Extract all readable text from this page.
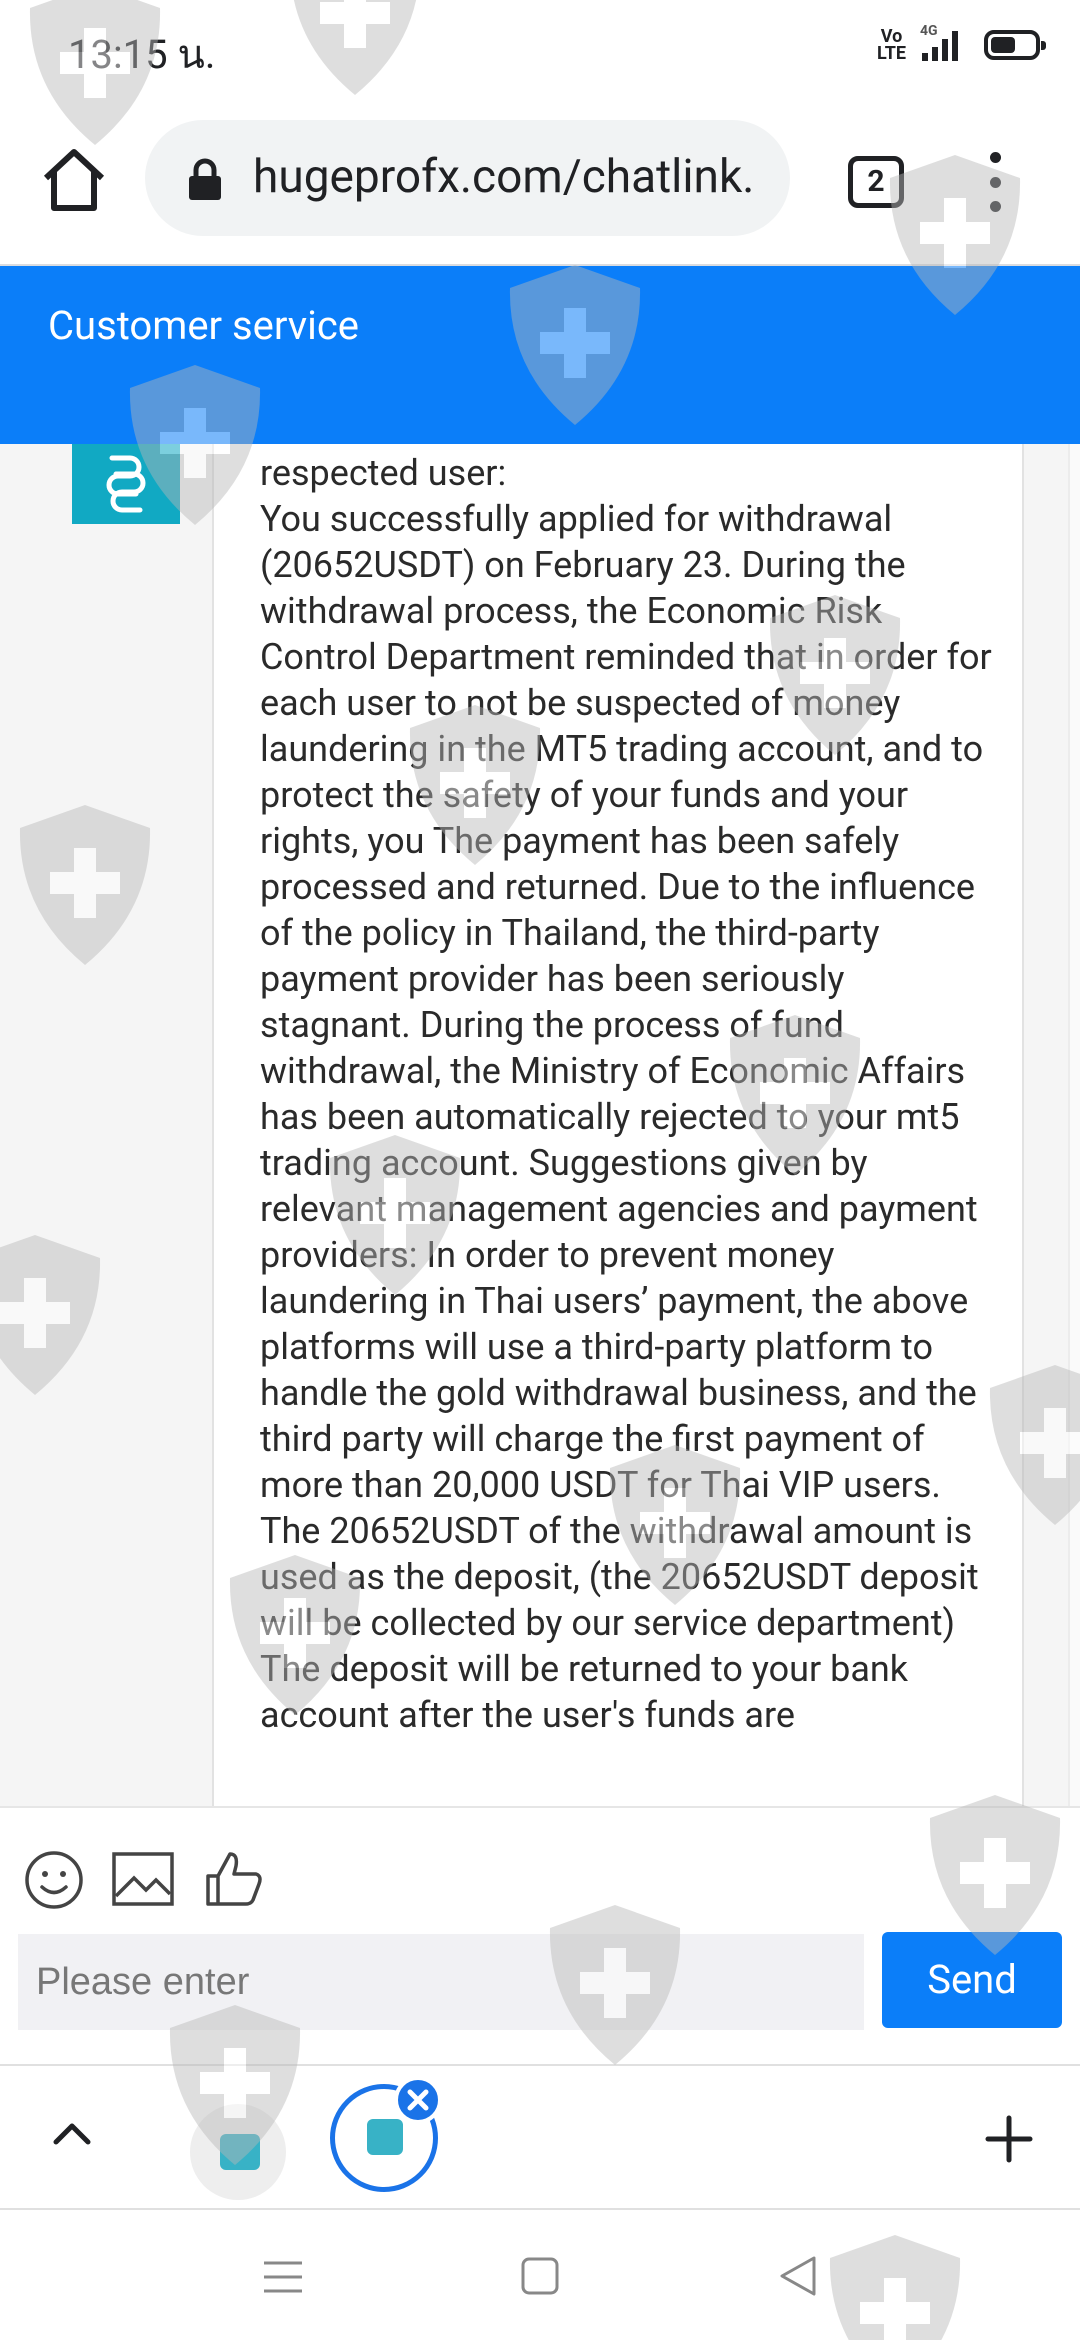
13:15 น.	Vo
LTE
4G
hugeprofx.com/chatlink.	2
Customer service
respected user:
You successfully applied for withdrawal (20652USDT) on February 23. During the withdrawal process, the Economic Risk Control Department reminded that in order for each user to not be suspected of money laundering in the MT5 trading account, and to protect the safety of your funds and your rights, you The payment has been safely processed and returned. Due to the influence of the policy in Thailand, the third-party payment provider has been seriously stagnant. During the process of fund withdrawal, the Ministry of Economic Affairs has been automatically rejected to your mt5 trading account. Suggestions given by relevant management agencies and payment providers: In order to prevent money laundering in Thai users’ payment, the above platforms will use a third-party platform to handle the gold withdrawal business, and the third party will charge the first payment of more than 20,000 USDT for Thai VIP users. The 20652USDT of the withdrawal amount is used as the deposit, (the 20652USDT deposit will be collected by our service department) The deposit will be returned to your bank account after the user's funds are
Please enter
Send
